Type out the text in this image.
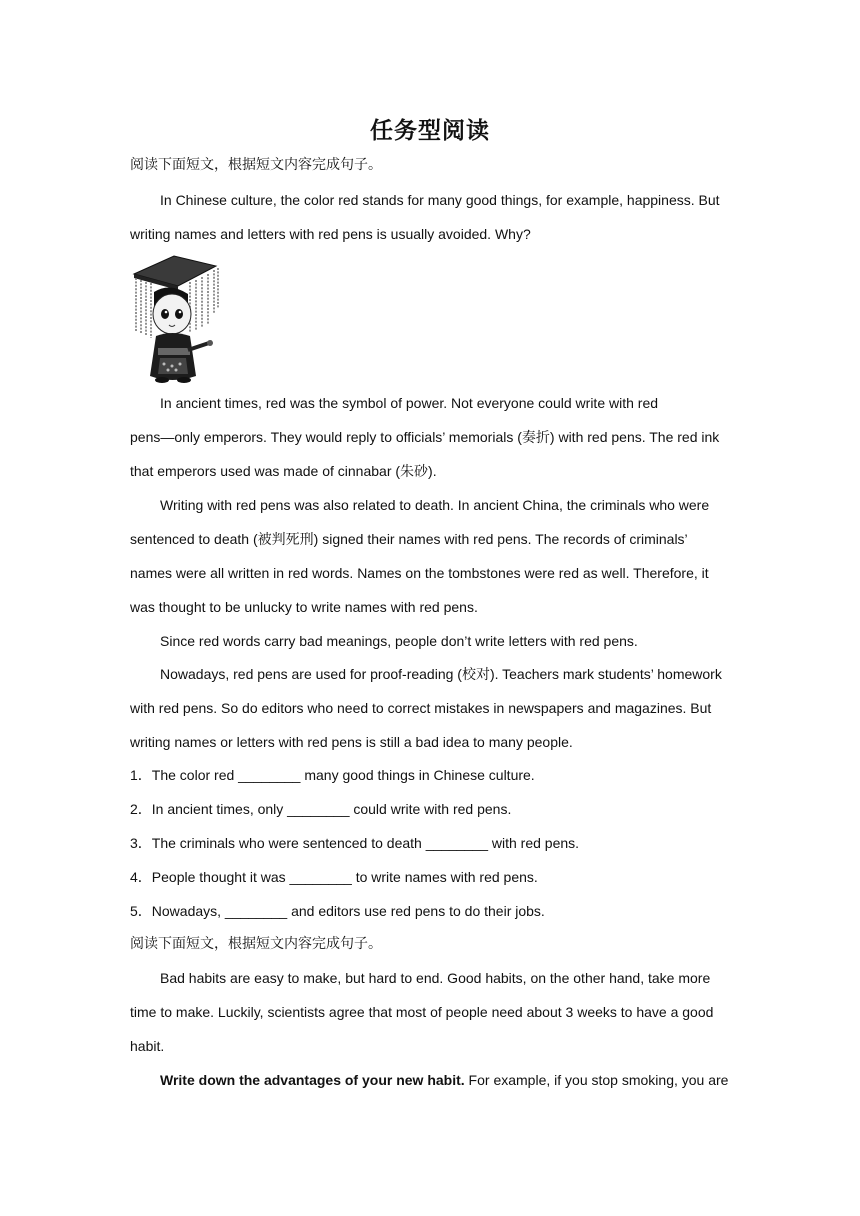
任务型阅读
阅读下面短文，根据短文内容完成句子。
In Chinese culture, the color red stands for many good things, for example, happiness. But
writing names and letters with red pens is usually avoided. Why?
In ancient times, red was the symbol of power. Not everyone could write with red
pens—only emperors. They would reply to officials’ memorials (奏折) with red pens. The red ink
that emperors used was made of cinnabar (朱砂).
Writing with red pens was also related to death. In ancient China, the criminals who were
sentenced to death (被判死刑) signed their names with red pens. The records of criminals’
names were all written in red words. Names on the tombstones were red as well. Therefore, it
was thought to be unlucky to write names with red pens.
Since red words carry bad meanings, people don’t write letters with red pens.
Nowadays, red pens are used for proof-reading (校对). Teachers mark students’ homework
with red pens. So do editors who need to correct mistakes in newspapers and magazines. But
writing names or letters with red pens is still a bad idea to many people.
1．The color red ________ many good things in Chinese culture.
2．In ancient times, only ________ could write with red pens.
3．The criminals who were sentenced to death ________ with red pens.
4．People thought it was ________ to write names with red pens.
5．Nowadays, ________ and editors use red pens to do their jobs.
阅读下面短文，根据短文内容完成句子。
Bad habits are easy to make, but hard to end. Good habits, on the other hand, take more
time to make. Luckily, scientists agree that most of people need about 3 weeks to have a good
habit.
Write down the advantages of your new habit. For example, if you stop smoking, you are
